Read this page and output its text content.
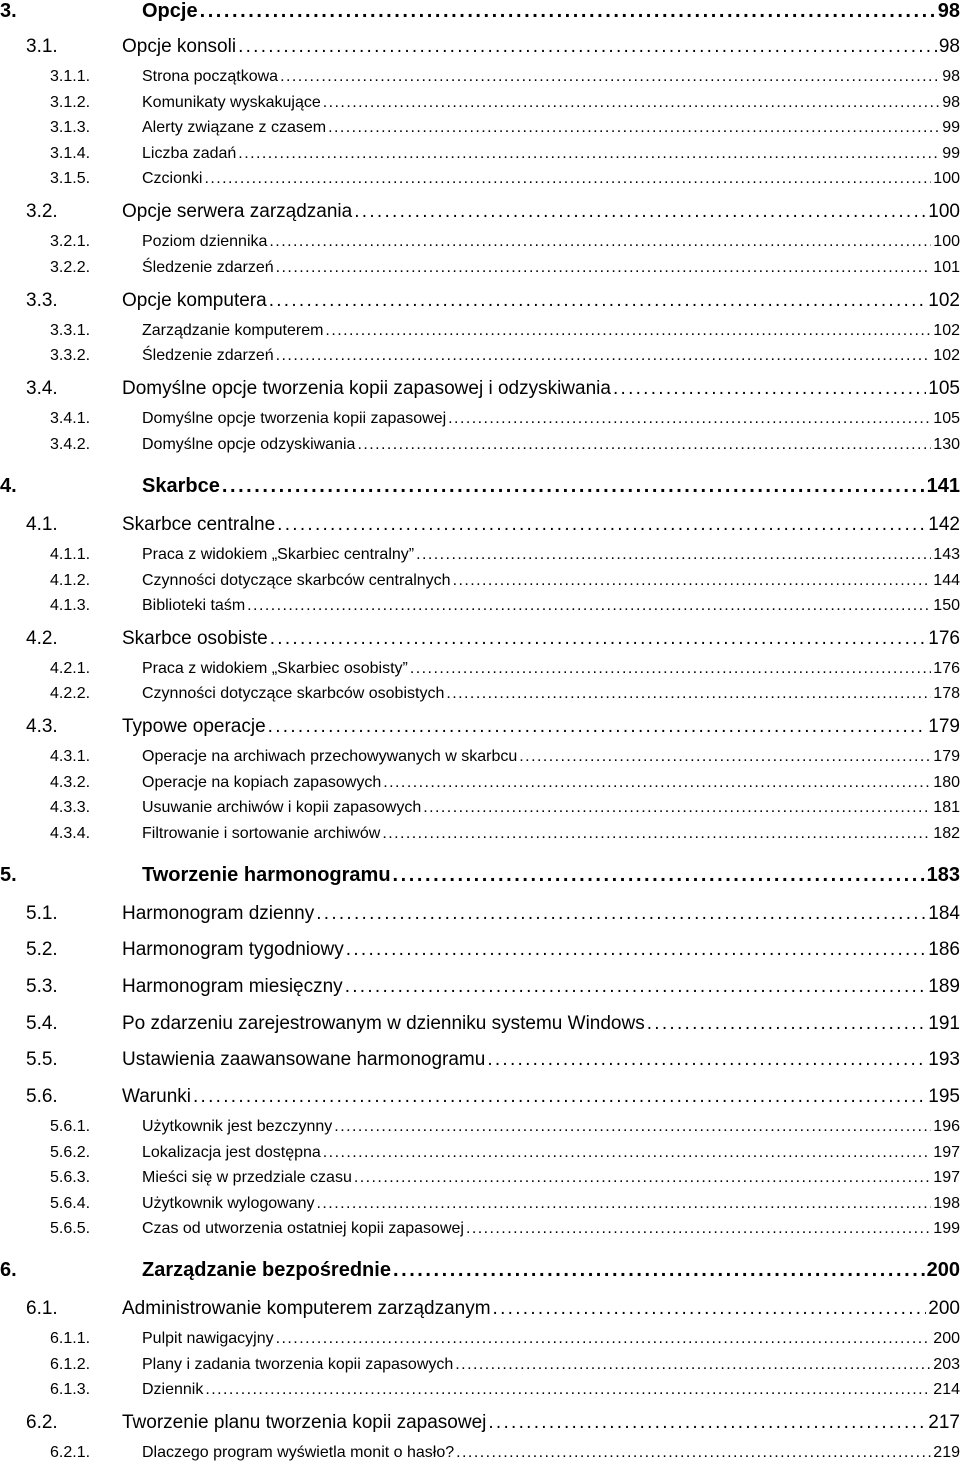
3.	Opcje . . .	98
3.1.	Opcje konsoli . . .	98
3.1.1.	Strona początkowa . . .	98
3.1.2.	Komunikaty wyskakujące . . .	98
3.1.3.	Alerty związane z czasem . . .	99
3.1.4.	Liczba zadań . . .	99
3.1.5.	Czcionki . . .	100
3.2.	Opcje serwera zarządzania . . .	100
3.2.1.	Poziom dziennika . . .	100
3.2.2.	Śledzenie zdarzeń . . .	101
3.3.	Opcje komputera . . .	102
3.3.1.	Zarządzanie komputerem . . .	102
3.3.2.	Śledzenie zdarzeń . . .	102
3.4.	Domyślne opcje tworzenia kopii zapasowej i odzyskiwania . . .	105
3.4.1.	Domyślne opcje tworzenia kopii zapasowej . . .	105
3.4.2.	Domyślne opcje odzyskiwania . . .	130
4.	Skarbce . . .	141
4.1.	Skarbce centralne . . .	142
4.1.1.	Praca z widokiem „Skarbiec centralny” . . .	143
4.1.2.	Czynności dotyczące skarbców centralnych . . .	144
4.1.3.	Biblioteki taśm . . .	150
4.2.	Skarbce osobiste . . .	176
4.2.1.	Praca z widokiem „Skarbiec osobisty” . . .	176
4.2.2.	Czynności dotyczące skarbców osobistych . . .	178
4.3.	Typowe operacje . . .	179
4.3.1.	Operacje na archiwach przechowywanych w skarbcu . . .	179
4.3.2.	Operacje na kopiach zapasowych . . .	180
4.3.3.	Usuwanie archiwów i kopii zapasowych . . .	181
4.3.4.	Filtrowanie i sortowanie archiwów . . .	182
5.	Tworzenie harmonogramu . . .	183
5.1.	Harmonogram dzienny . . .	184
5.2.	Harmonogram tygodniowy . . .	186
5.3.	Harmonogram miesięczny . . .	189
5.4.	Po zdarzeniu zarejestrowanym w dzienniku systemu Windows . . .	191
5.5.	Ustawienia zaawansowane harmonogramu . . .	193
5.6.	Warunki . . .	195
5.6.1.	Użytkownik jest bezczynny . . .	196
5.6.2.	Lokalizacja jest dostępna . . .	197
5.6.3.	Mieści się w przedziale czasu . . .	197
5.6.4.	Użytkownik wylogowany . . .	198
5.6.5.	Czas od utworzenia ostatniej kopii zapasowej . . .	199
6.	Zarządzanie bezpośrednie . . .	200
6.1.	Administrowanie komputerem zarządzanym . . .	200
6.1.1.	Pulpit nawigacyjny . . .	200
6.1.2.	Plany i zadania tworzenia kopii zapasowych . . .	203
6.1.3.	Dziennik . . .	214
6.2.	Tworzenie planu tworzenia kopii zapasowej . . .	217
6.2.1.	Dlaczego program wyświetla monit o hasło? . . .	219
